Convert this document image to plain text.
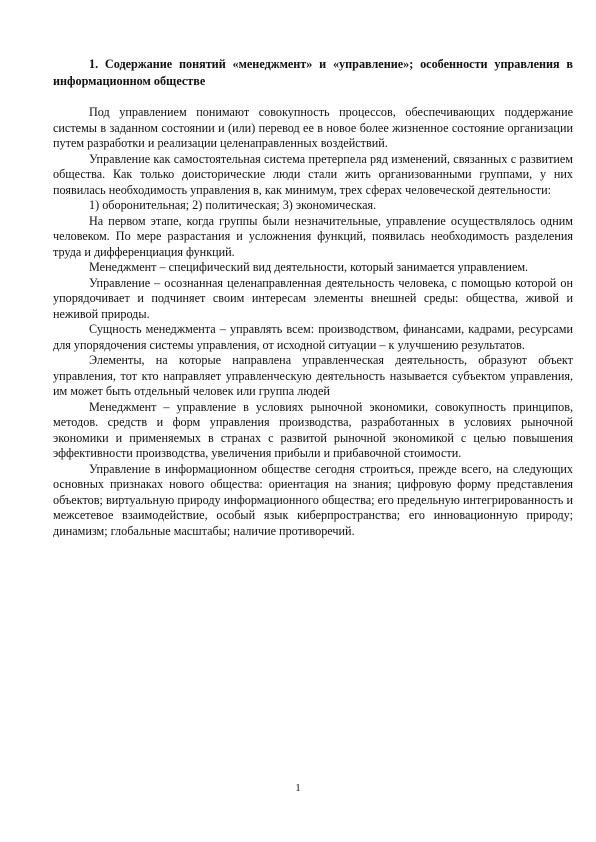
1. Содержание понятий «менеджмент» и «управление»; особенности управления в информационном обществе

Под управлением понимают совокупность процессов, обеспечивающих поддержание системы в заданном состоянии и (или) перевод ее в новое более жизненное состояние организации путем разработки и реализации целенаправленных воздействий.

Управление как самостоятельная система претерпела ряд изменений, связанных с развитием общества. Как только доисторические люди стали жить организованными группами, у них появилась необходимость управления в, как минимум, трех сферах человеческой деятельности:

1) оборонительная; 2) политическая; 3) экономическая.

На первом этапе, когда группы были незначительные, управление осуществлялось одним человеком. По мере разрастания и усложнения функций, появилась необходимость разделения труда и дифференциация функций.

Менеджмент – специфический вид деятельности, который занимается управлением.

Управление – осознанная целенаправленная деятельность человека, с помощью которой он упорядочивает и подчиняет своим интересам элементы внешней среды: общества, живой и неживой природы.

Сущность менеджмента – управлять всем: производством, финансами, кадрами, ресурсами для упорядочения системы управления, от исходной ситуации – к улучшению результатов.

Элементы, на которые направлена управленческая деятельность, образуют объект управления, тот кто направляет управленческую деятельность называется субъектом управления, им может быть отдельный человек или группа людей

Менеджмент – управление в условиях рыночной экономики, совокупность принципов, методов. средств и форм управления производства, разработанных в условиях рыночной экономики и применяемых в странах с развитой рыночной экономикой с целью повышения эффективности производства, увеличения прибыли и прибавочной стоимости.

Управление в информационном обществе сегодня строиться, прежде всего, на следующих основных признаках нового общества: ориентация на знания; цифровую форму представления объектов; виртуальную природу информационного общества; его предельную интегрированность и межсетевое взаимодействие, особый язык киберпространства; его инновационную природу; динамизм; глобальные масштабы; наличие противоречий.

1
